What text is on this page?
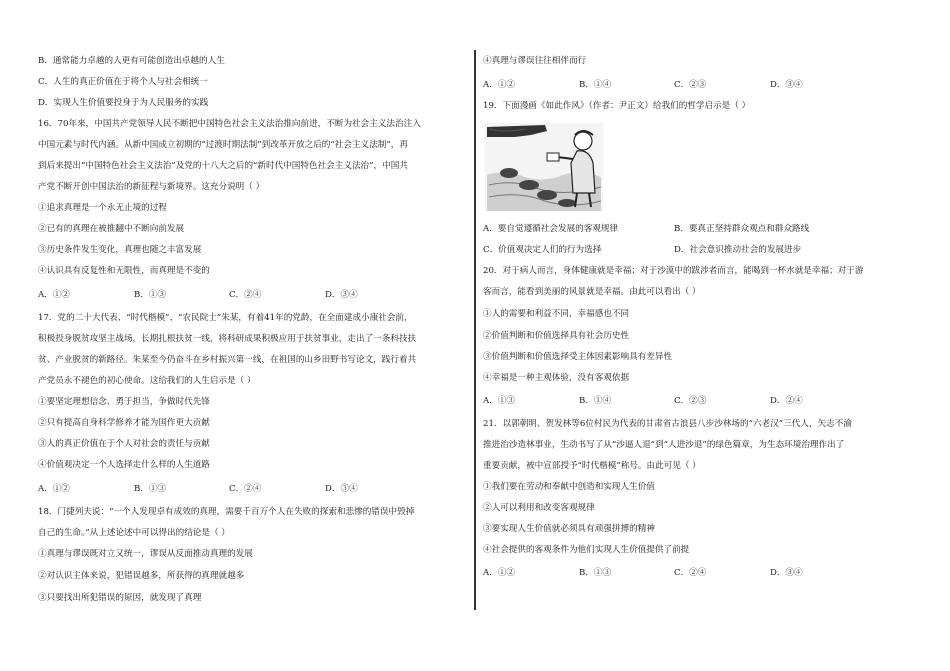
B．通常能力卓越的人更有可能创造出卓越的人生
C．人生的真正价值在于将个人与社会相统一
D．实现人生价值要投身于为人民服务的实践
16．70年来，中国共产党领导人民不断把中国特色社会主义法治推向前进，不断为社会主义法治注入
中国元素与时代内涵。从新中国成立初期的“过渡时期法制”到改革开放之后的“社会主义法制”，再
到后来提出“中国特色社会主义法治”及党的十八大之后的“新时代中国特色社会主义法治”，中国共
产党不断开创中国法治的新征程与新境界。这充分说明（ ）
①追求真理是一个永无止境的过程
②已有的真理在被推翻中不断向前发展
③历史条件发生变化，真理也随之丰富发展
④认识具有反复性和无限性，而真理是不变的
A．①②	B．①③	C．②④	D．③④
17．党的二十大代表、“时代楷模”、“农民院士”朱某，有着41年的党龄，在全面建成小康社会前，
积极投身脱贫攻坚主战场，长期扎根扶贫一线，将科研成果积极应用于扶贫事业，走出了一条科技扶
贫、产业脱贫的新路径。朱某至今仍奋斗在乡村振兴第一线，在祖国的山乡田野书写论文，践行着共
产党员永不褪色的初心使命。这给我们的人生启示是（ ）
①要坚定理想信念、勇于担当，争做时代先锋
②只有提高自身科学修养才能为国作更大贡献
③人的真正价值在于个人对社会的责任与贡献
④价值观决定一个人选择走什么样的人生道路
A．①②	B．①③	C．②④	D．③④
18．门捷列夫说：“一个人发现卓有成效的真理，需要千百万个人在失败的探索和悲惨的错误中毁掉
自己的生命。”从上述论述中可以得出的结论是（ ）
①真理与谬误既对立又统一，谬误从反面推动真理的发展
②对认识主体来说，犯错误越多，所获得的真理就越多
③只要找出所犯错误的原因，就发现了真理
④真理与谬误往往相伴而行
A．①②	B．①④	C．②③	D．③④
19．下面漫画《如此作风》（作者：尹正文）给我们的哲学启示是（ ）
A．要自觉遵循社会发展的客观规律	B．要真正坚持群众观点和群众路线
C．价值观决定人们的行为选择	D．社会意识推动社会的发展进步
20．对于病人而言，身体健康就是幸福；对于沙漠中的跋涉者而言，能喝到一杯水就是幸福；对于游
客而言，能看到美丽的风景就是幸福。由此可以看出（ ）
①人的需要和利益不同，幸福感也不同
②价值判断和价值选择具有社会历史性
③价值判断和价值选择受主体因素影响具有差异性
④幸福是一种主观体验，没有客观依据
A．①③	B．①④	C．②③	D．②④
21．以郭朝明、贺发林等6位村民为代表的甘肃省古浪县八步沙林场的“六老汉”三代人，矢志不渝
推进治沙造林事业，生动书写了从“沙逼人退”到“人进沙退”的绿色篇章，为生态环境治理作出了
重要贡献，被中宣部授予“时代楷模”称号。由此可见（ ）
①我们要在劳动和奉献中创造和实现人生价值
②人可以利用和改变客观规律
③要实现人生价值就必须具有顽强拼搏的精神
④社会提供的客观条件为他们实现人生价值提供了前提
A．①②	B．①③	C．②④	D．③④
